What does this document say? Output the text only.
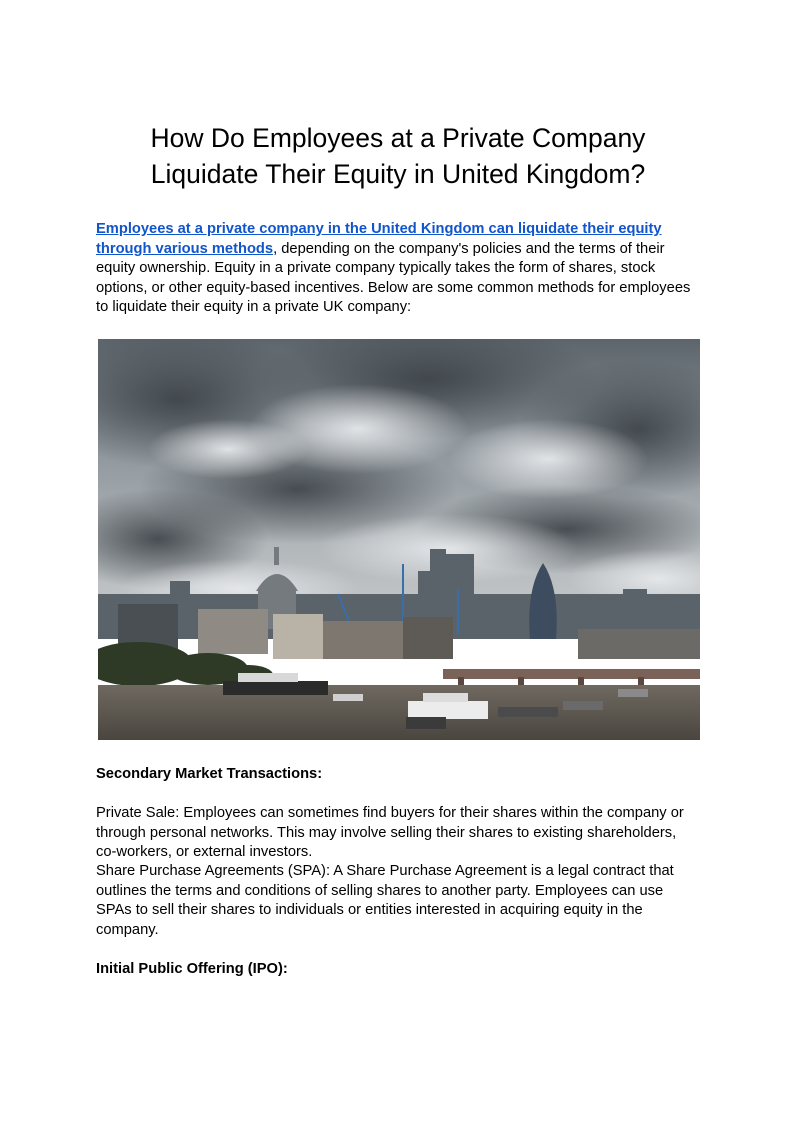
How Do Employees at a Private Company
Liquidate Their Equity in United Kingdom?

Employees at a private company in the United Kingdom can liquidate their equity through various methods, depending on the company's policies and the terms of their equity ownership. Equity in a private company typically takes the form of shares, stock options, or other equity-based incentives. Below are some common methods for employees to liquidate their equity in a private UK company:

Secondary Market Transactions:

Private Sale: Employees can sometimes find buyers for their shares within the company or through personal networks. This may involve selling their shares to existing shareholders, co-workers, or external investors.

Share Purchase Agreements (SPA): A Share Purchase Agreement is a legal contract that outlines the terms and conditions of selling shares to another party. Employees can use SPAs to sell their shares to individuals or entities interested in acquiring equity in the company.

Initial Public Offering (IPO):
